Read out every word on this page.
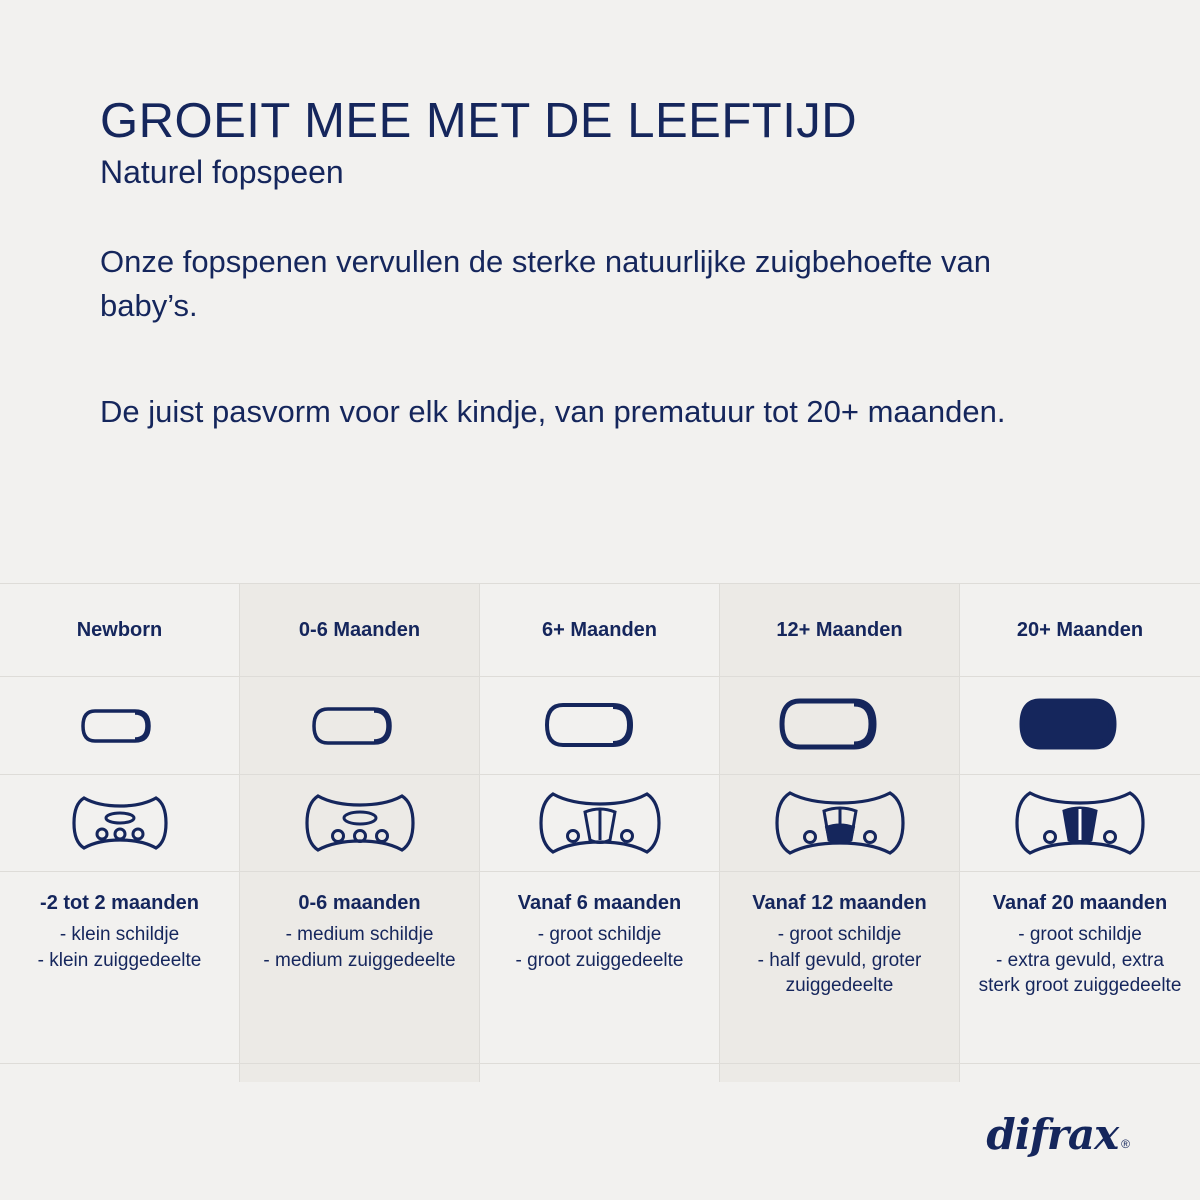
GROEIT MEE MET DE LEEFTIJD
Naturel fopspeen

Onze fopspenen vervullen de sterke natuurlijke zuigbehoefte van baby’s.

De juist pasvorm voor elk kindje, van prematuur tot 20+ maanden.

Newborn
-2 tot 2 maanden
- klein schildje
- klein zuiggedeelte
0-6 Maanden
0-6 maanden
- medium schildje
- medium zuiggedeelte
6+ Maanden
Vanaf 6 maanden
- groot schildje
- groot zuiggedeelte
12+ Maanden
Vanaf 12 maanden
- groot schildje
- half gevuld, groter zuiggedeelte
20+ Maanden
Vanaf 20 maanden
- groot schildje
- extra gevuld, extra sterk groot zuiggedeelte
difrax ®
